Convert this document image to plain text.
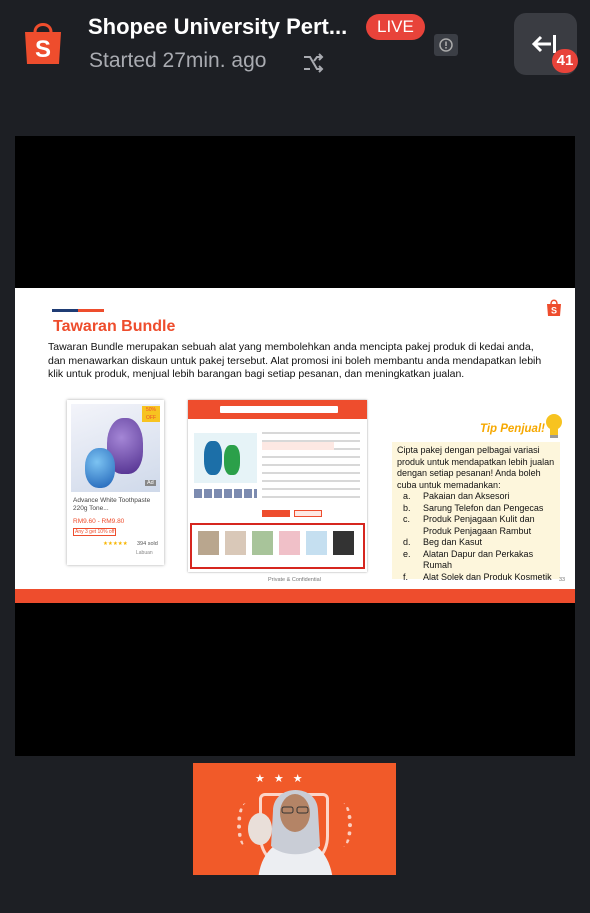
S
Shopee University Pert...	LIVE
Started 27min. ago	41
Tawaran Bundle
S
Tawaran Bundle merupakan sebuah alat yang membolehkan anda mencipta pakej produk di kedai anda, dan menawarkan diskaun untuk pakej tersebut. Alat promosi ini boleh membantu anda mendapatkan lebih klik untuk produk, menjual lebih barangan bagi setiap pesanan, dan meningkatkan jualan.
50% OFF
Ad
Advance White Toothpaste 220g Tone...
RM9.60 - RM9.80
Any 3 get 10% off
★★★★★ 394 sold
Labuan
Tip Penjual!
Cipta pakej dengan pelbagai variasi produk untuk mendapatkan lebih jualan dengan setiap pesanan! Anda boleh cuba untuk memadankan:
a. Pakaian dan Aksesori
b. Sarung Telefon dan Pengecas
c. Produk Penjagaan Kulit dan Produk Penjagaan Rambut
d. Beg dan Kasut
e. Alatan Dapur dan Perkakas Rumah
f. Alat Solek dan Produk Kosmetik
Private & Confidential	33
★★★
